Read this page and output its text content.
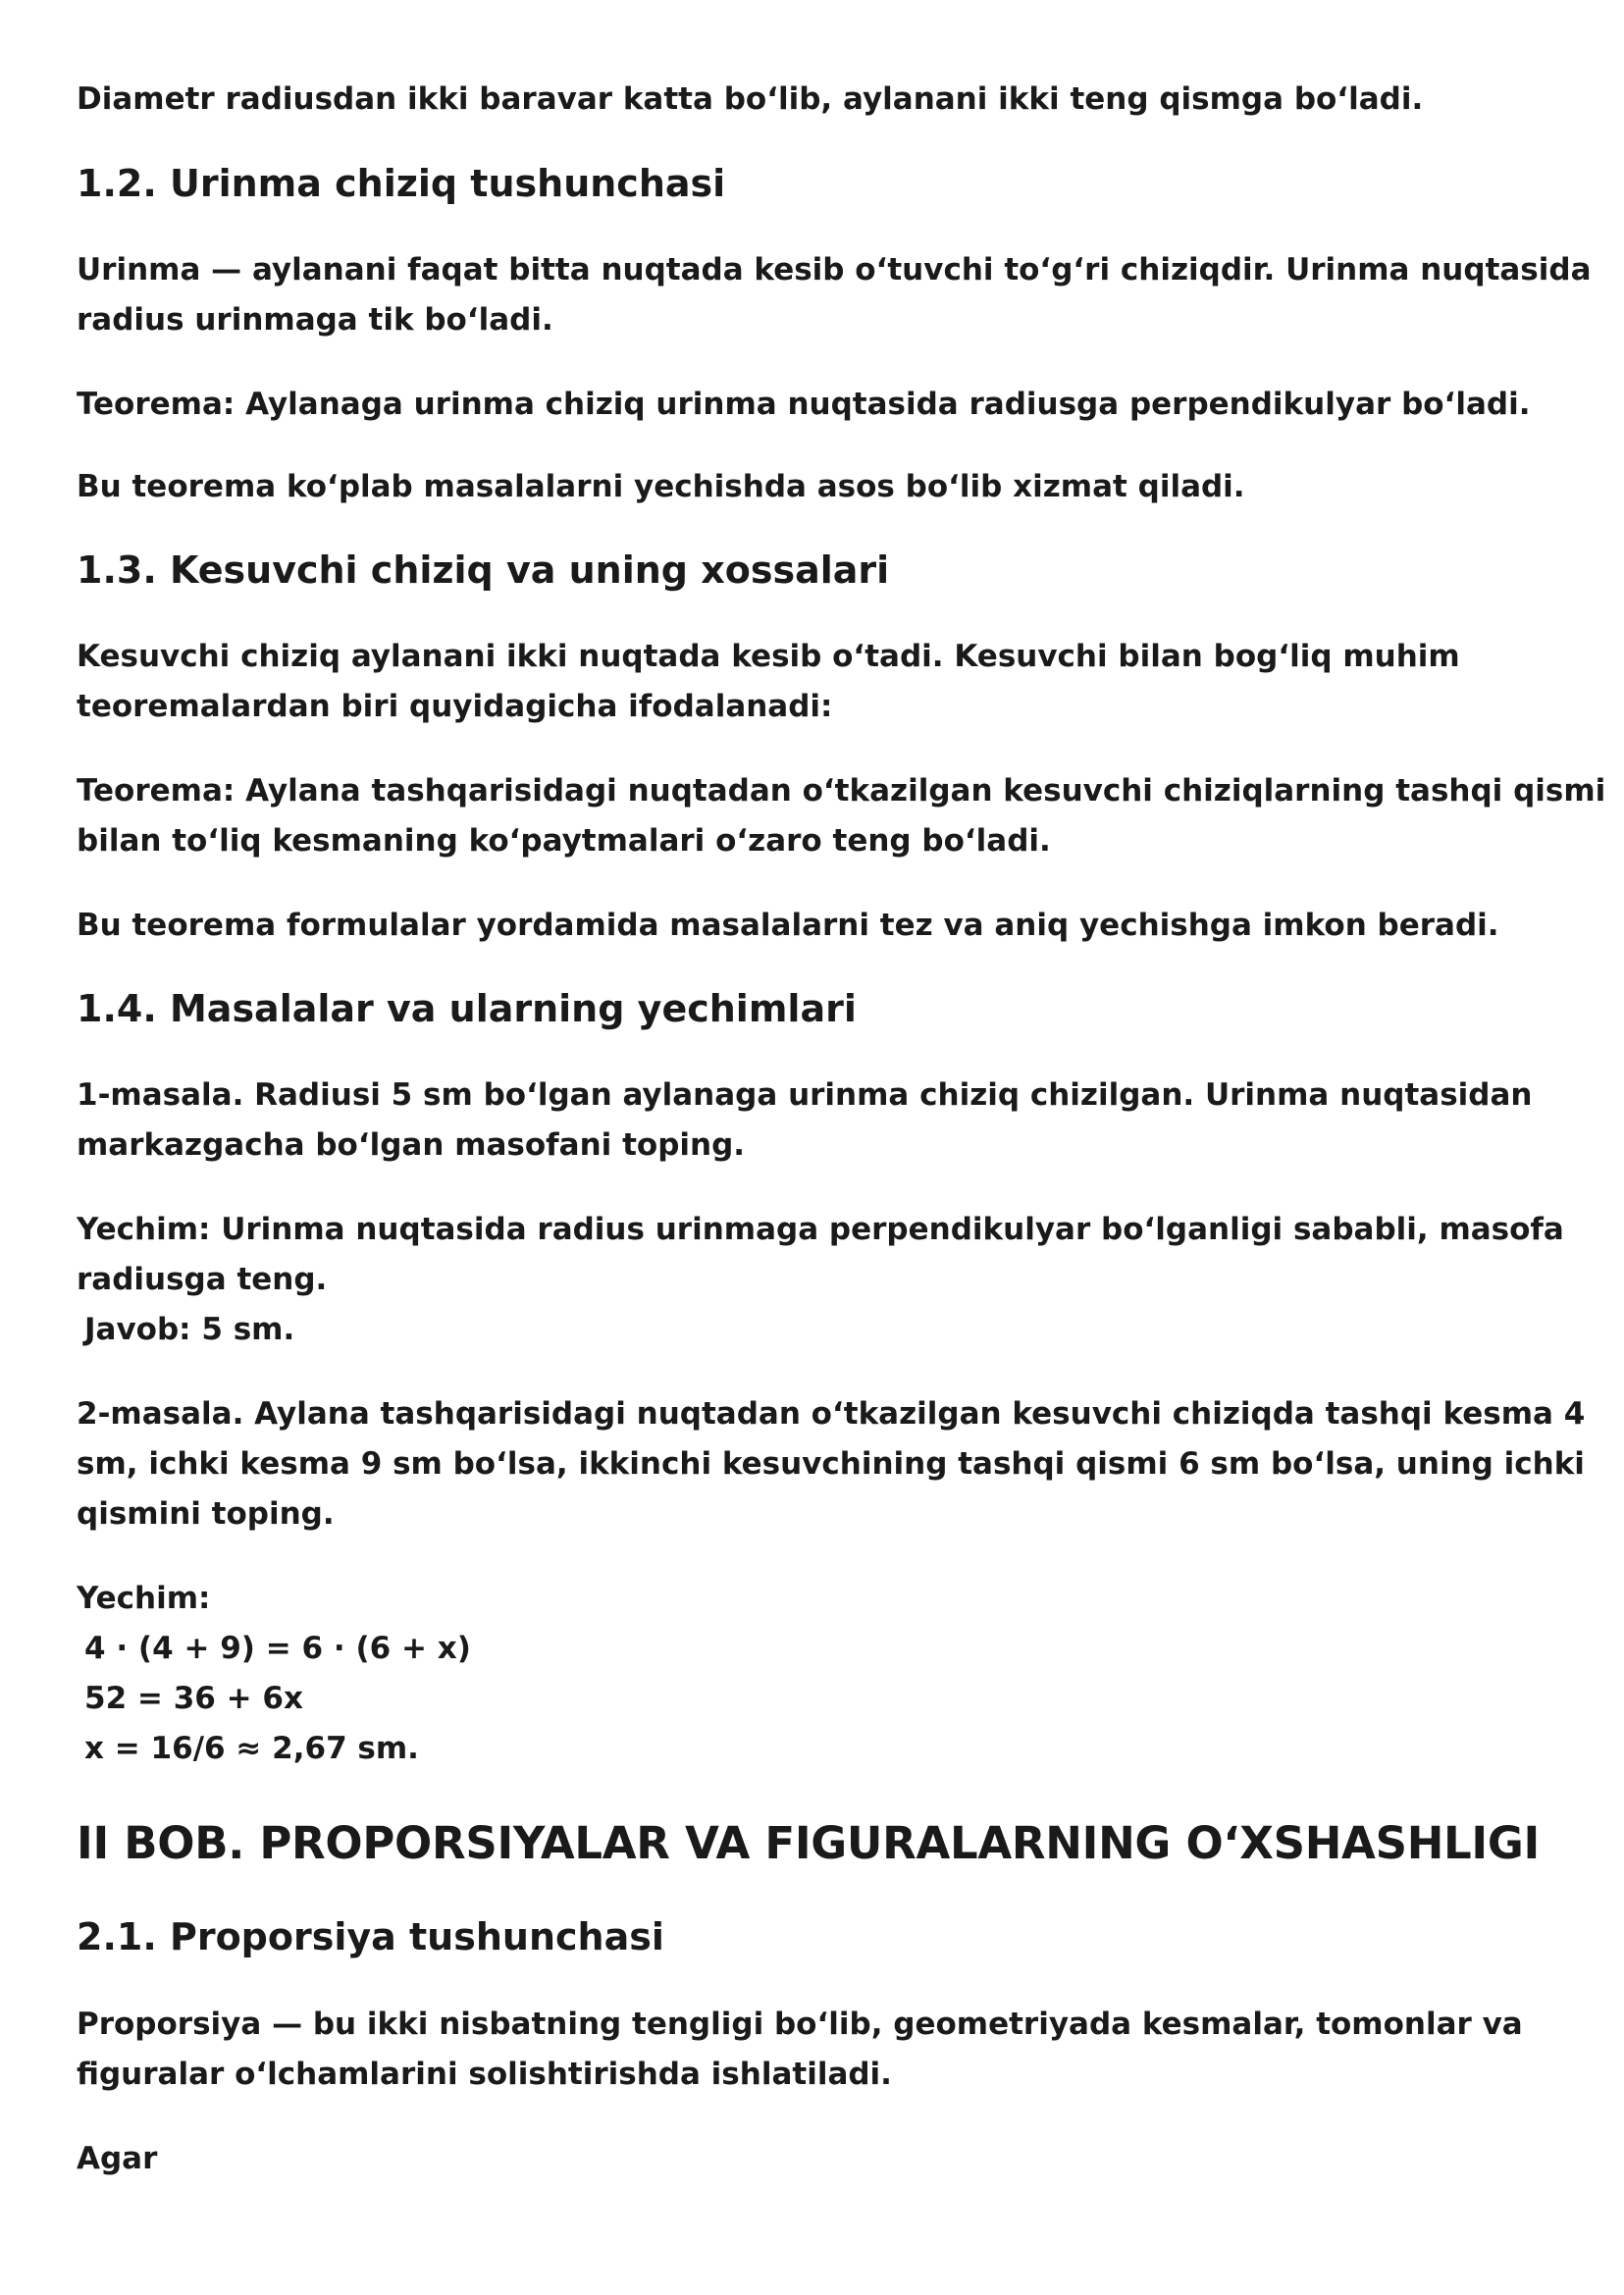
Diametr radiusdan ikki baravar katta bo‘lib, aylanani ikki teng qismga bo‘ladi.

1.2. Urinma chiziq tushunchasi

Urinma — aylanani faqat bitta nuqtada kesib o‘tuvchi to‘g‘ri chiziqdir. Urinma nuqtasida
radius urinmaga tik bo‘ladi.

Teorema: Aylanaga urinma chiziq urinma nuqtasida radiusga perpendikulyar bo‘ladi.

Bu teorema ko‘plab masalalarni yechishda asos bo‘lib xizmat qiladi.

1.3. Kesuvchi chiziq va uning xossalari

Kesuvchi chiziq aylanani ikki nuqtada kesib o‘tadi. Kesuvchi bilan bog‘liq muhim
teoremalardan biri quyidagicha ifodalanadi:

Teorema: Aylana tashqarisidagi nuqtadan o‘tkazilgan kesuvchi chiziqlarning tashqi qismi
bilan to‘liq kesmaning ko‘paytmalari o‘zaro teng bo‘ladi.

Bu teorema formulalar yordamida masalalarni tez va aniq yechishga imkon beradi.

1.4. Masalalar va ularning yechimlari

1-masala. Radiusi 5 sm bo‘lgan aylanaga urinma chiziq chizilgan. Urinma nuqtasidan
markazgacha bo‘lgan masofani toping.

Yechim: Urinma nuqtasida radius urinmaga perpendikulyar bo‘lganligi sababli, masofa
radiusga teng.
Javob: 5 sm.

2-masala. Aylana tashqarisidagi nuqtadan o‘tkazilgan kesuvchi chiziqda tashqi kesma 4
sm, ichki kesma 9 sm bo‘lsa, ikkinchi kesuvchining tashqi qismi 6 sm bo‘lsa, uning ichki
qismini toping.

Yechim:
4 · (4 + 9) = 6 · (6 + x)
52 = 36 + 6x
x = 16/6 ≈ 2,67 sm.

II BOB. PROPORSIYALAR VA FIGURALARNING O‘XSHASHLIGI
2.1. Proporsiya tushunchasi

Proporsiya — bu ikki nisbatning tengligi bo‘lib, geometriyada kesmalar, tomonlar va
figuralar o‘lchamlarini solishtirishda ishlatiladi.

Agar
